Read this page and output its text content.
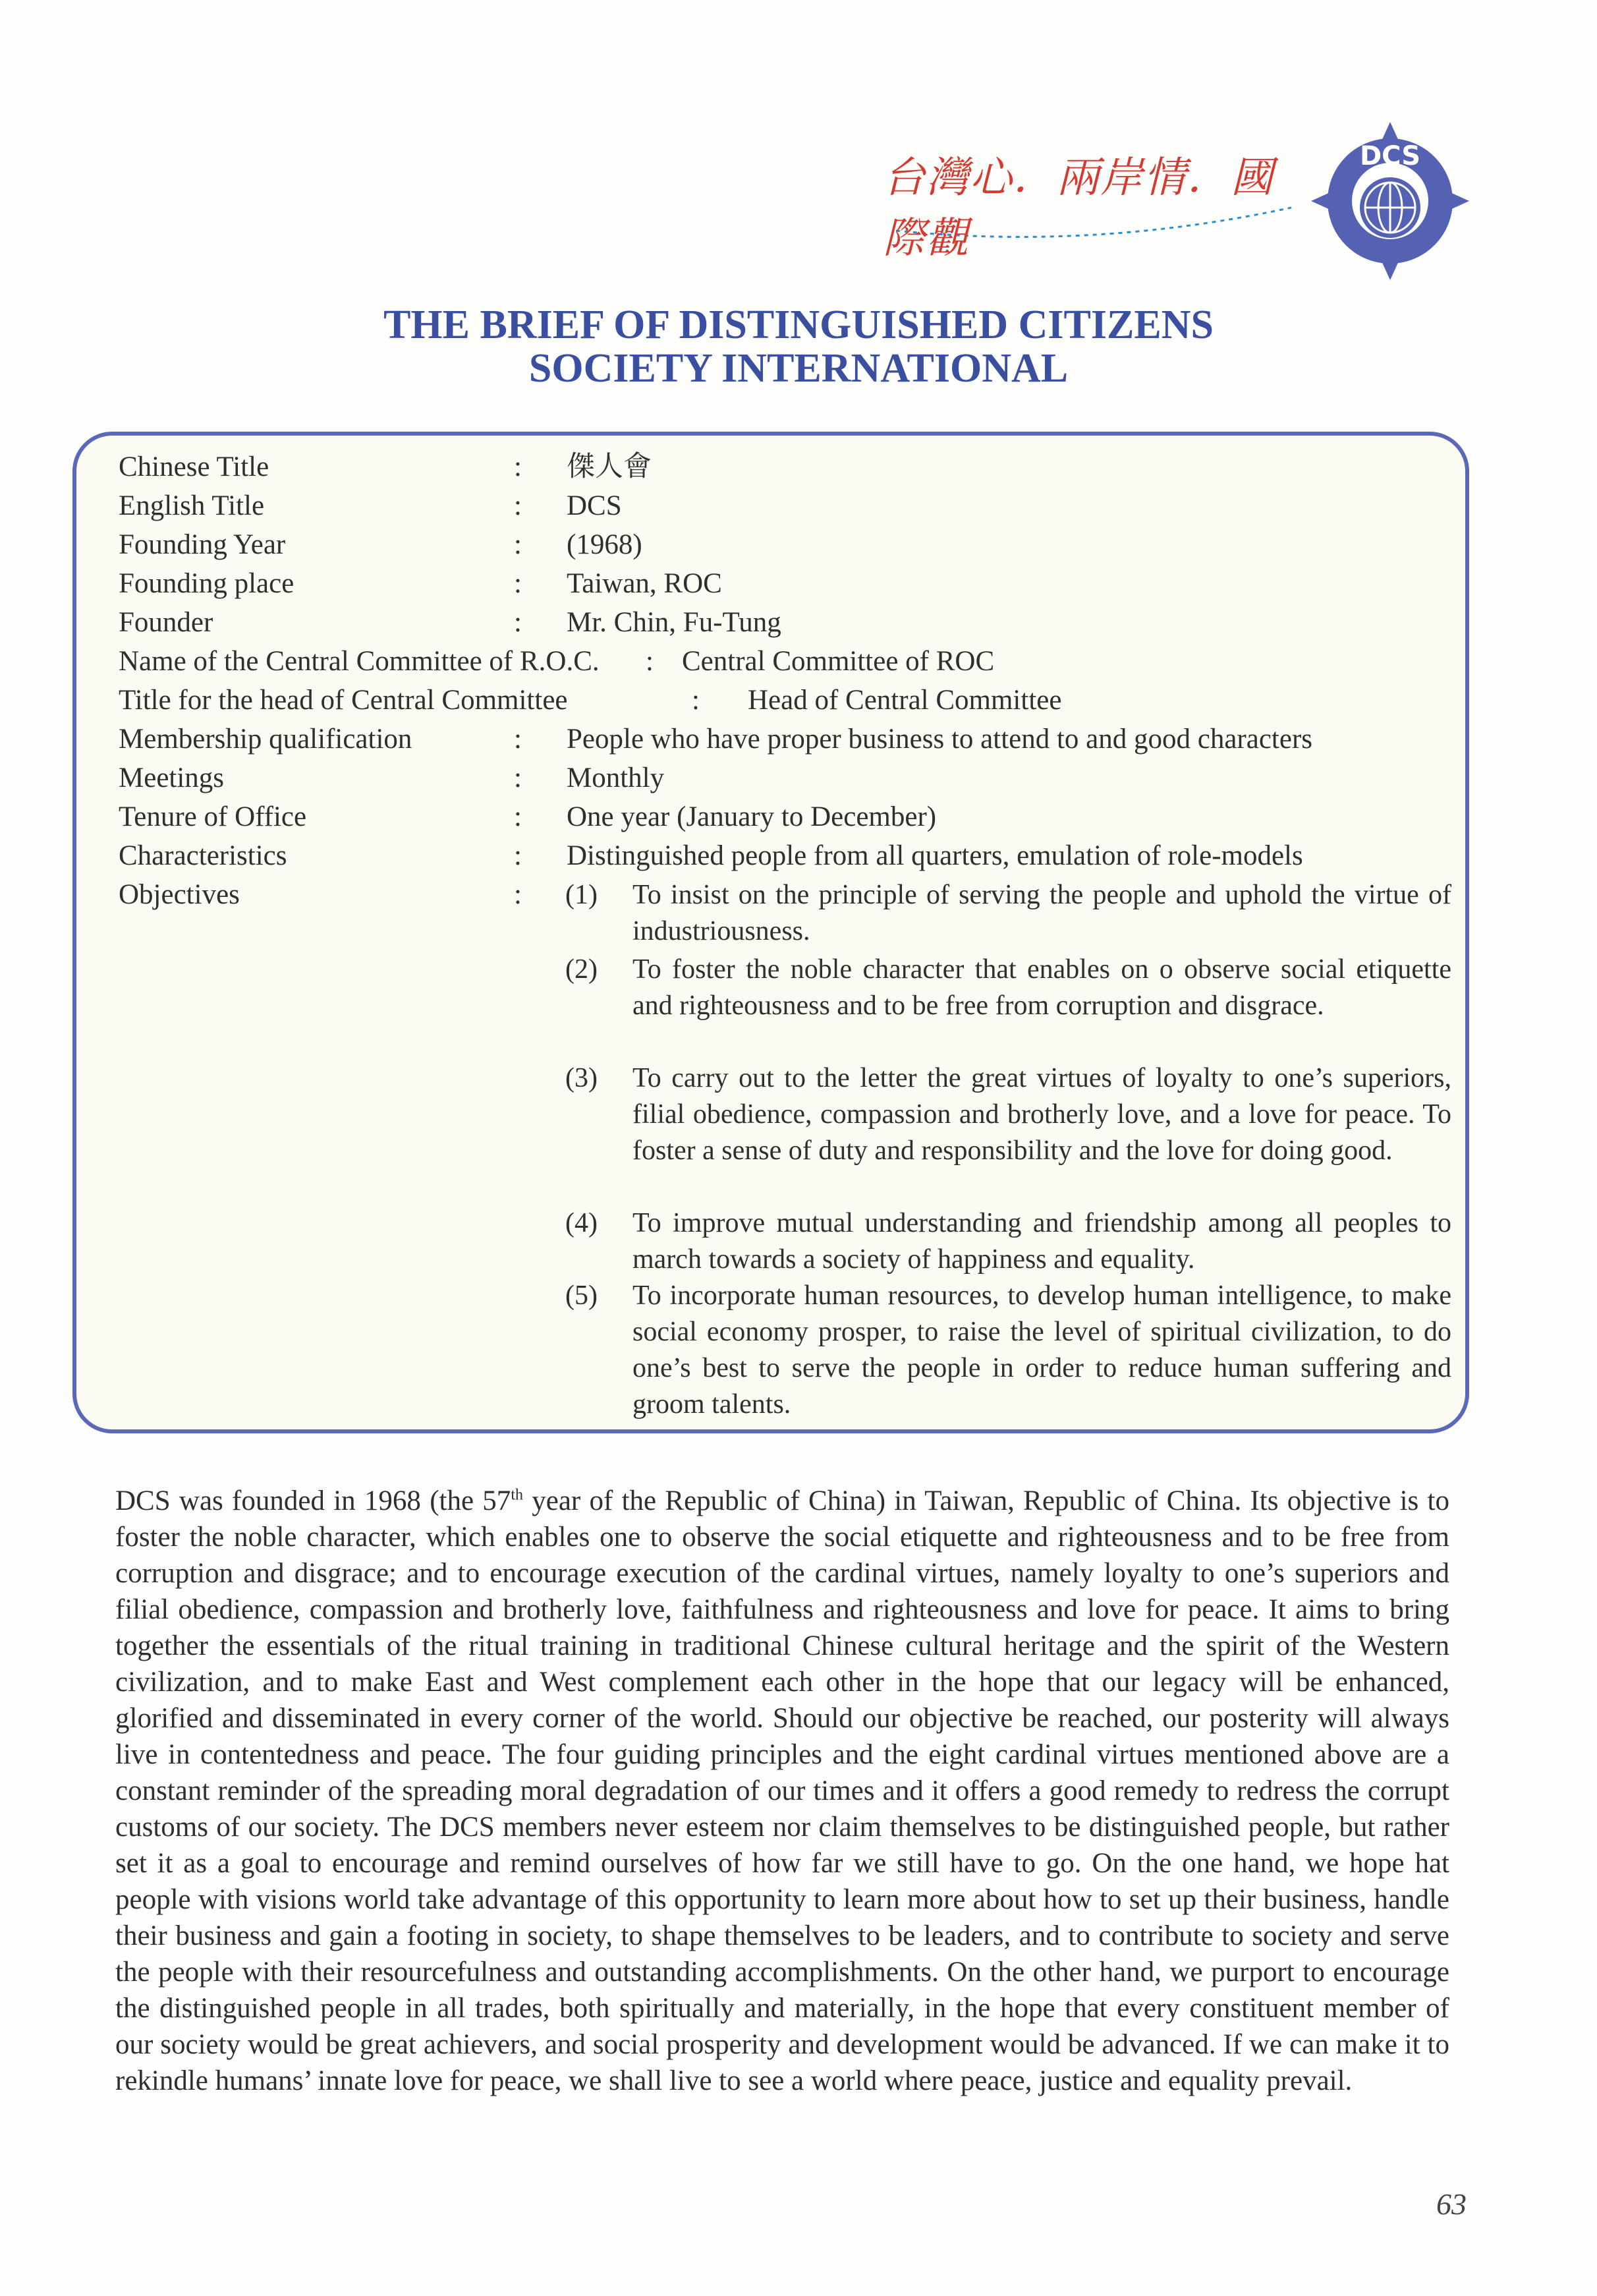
台灣心．兩岸情．國際觀
DCS
THE BRIEF OF DISTINGUISHED CITIZENS
SOCIETY INTERNATIONAL
Chinese Title	: 傑人會
English Title	: DCS
Founding Year	: (1968)
Founding place	: Taiwan, ROC
Founder	: Mr. Chin, Fu-Tung
Name of the Central Committee of R.O.C. : Central Committee of ROC
Title for the head of Central Committee	: Head of Central Committee
Membership qualification	: People who have proper business to attend to and good characters
Meetings	: Monthly
Tenure of Office	: One year (January to December)
Characteristics	: Distinguished people from all quarters, emulation of role-models
Objectives	: (1) To insist on the principle of serving the people and uphold the virtue of industriousness.
(2) To foster the noble character that enables on o observe social etiquette and righteousness and to be free from corruption and disgrace.
(3) To carry out to the letter the great virtues of loyalty to one’s superiors, filial obedience, compassion and brotherly love, and a love for peace. To foster a sense of duty and responsibility and the love for doing good.
(4) To improve mutual understanding and friendship among all peoples to march towards a society of happiness and equality.
(5) To incorporate human resources, to develop human intelligence, to make social economy prosper, to raise the level of spiritual civilization, to do one’s best to serve the people in order to reduce human suffering and groom talents.
DCS was founded in 1968 (the 57th year of the Republic of China) in Taiwan, Republic of China. Its objective is to foster the noble character, which enables one to observe the social etiquette and righteousness and to be free from corruption and disgrace; and to encourage execution of the cardinal virtues, namely loyalty to one’s superiors and filial obedience, compassion and brotherly love, faithfulness and righteousness and love for peace. It aims to bring together the essentials of the ritual training in traditional Chinese cultural heritage and the spirit of the Western civilization, and to make East and West complement each other in the hope that our legacy will be enhanced, glorified and disseminated in every corner of the world. Should our objective be reached, our posterity will always live in contentedness and peace. The four guiding principles and the eight cardinal virtues mentioned above are a constant reminder of the spreading moral degradation of our times and it offers a good remedy to redress the corrupt customs of our society. The DCS members never esteem nor claim themselves to be distinguished people, but rather set it as a goal to encourage and remind ourselves of how far we still have to go. On the one hand, we hope hat people with visions world take advantage of this opportunity to learn more about how to set up their business, handle their business and gain a footing in society, to shape themselves to be leaders, and to contribute to society and serve the people with their resourcefulness and outstanding accomplishments. On the other hand, we purport to encourage the distinguished people in all trades, both spiritually and materially, in the hope that every constituent member of our society would be great achievers, and social prosperity and development would be advanced. If we can make it to rekindle humans’ innate love for peace, we shall live to see a world where peace, justice and equality prevail.
63
